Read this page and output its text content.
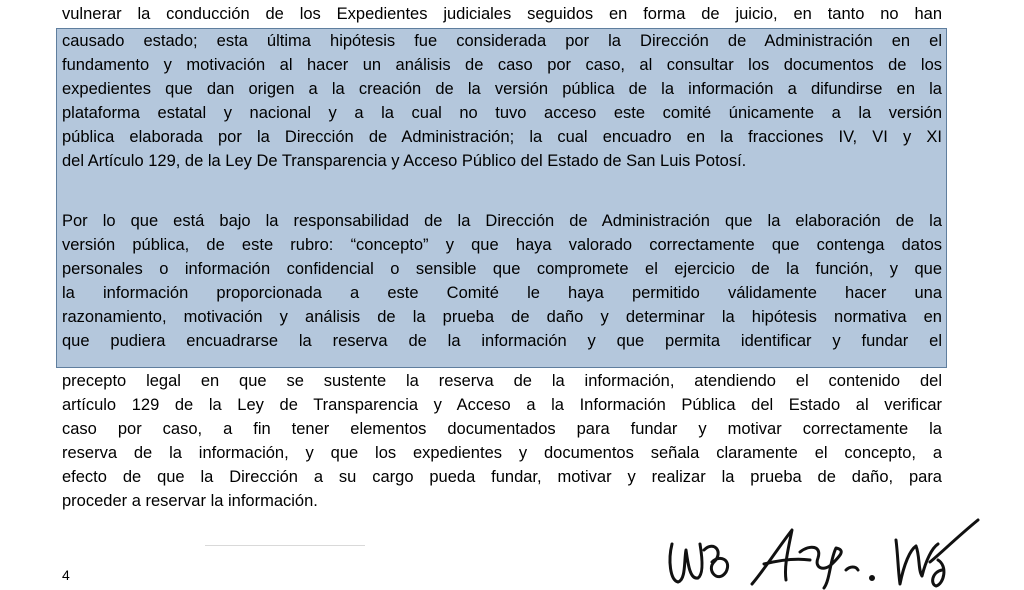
vulnerar la conducción de los Expedientes judiciales seguidos en forma de juicio, en tanto no han
causado estado; esta última hipótesis fue considerada por la Dirección de Administración en el
fundamento y motivación al hacer un análisis de caso por caso, al consultar los documentos de los
expedientes que dan origen a la creación de la versión pública de la información a difundirse en la
plataforma estatal y nacional y a la cual no tuvo acceso este comité únicamente a la versión
pública elaborada por la Dirección de Administración; la cual encuadro en la fracciones IV, VI y XI
del Artículo 129, de la Ley De Transparencia y Acceso Público del Estado de San Luis Potosí.
Por lo que está bajo la responsabilidad de la Dirección de Administración que la elaboración de la
versión pública, de este rubro: “concepto” y que haya valorado correctamente que contenga datos
personales o información confidencial o sensible que compromete el ejercicio de la función, y que
la información proporcionada a este Comité le haya permitido válidamente hacer una
razonamiento, motivación y análisis de la prueba de daño y determinar la hipótesis normativa en
que pudiera encuadrarse la reserva de la información y que permita identificar y fundar el
precepto legal en que se sustente la reserva de la información, atendiendo el contenido del
artículo 129 de la Ley de Transparencia y Acceso a la Información Pública del Estado al verificar
caso por caso, a fin tener elementos documentados para fundar y motivar correctamente la
reserva de la información, y que los expedientes y documentos señala claramente el concepto, a
efecto de que la Dirección a su cargo pueda fundar, motivar y realizar la prueba de daño, para
proceder a reservar la información.
4
